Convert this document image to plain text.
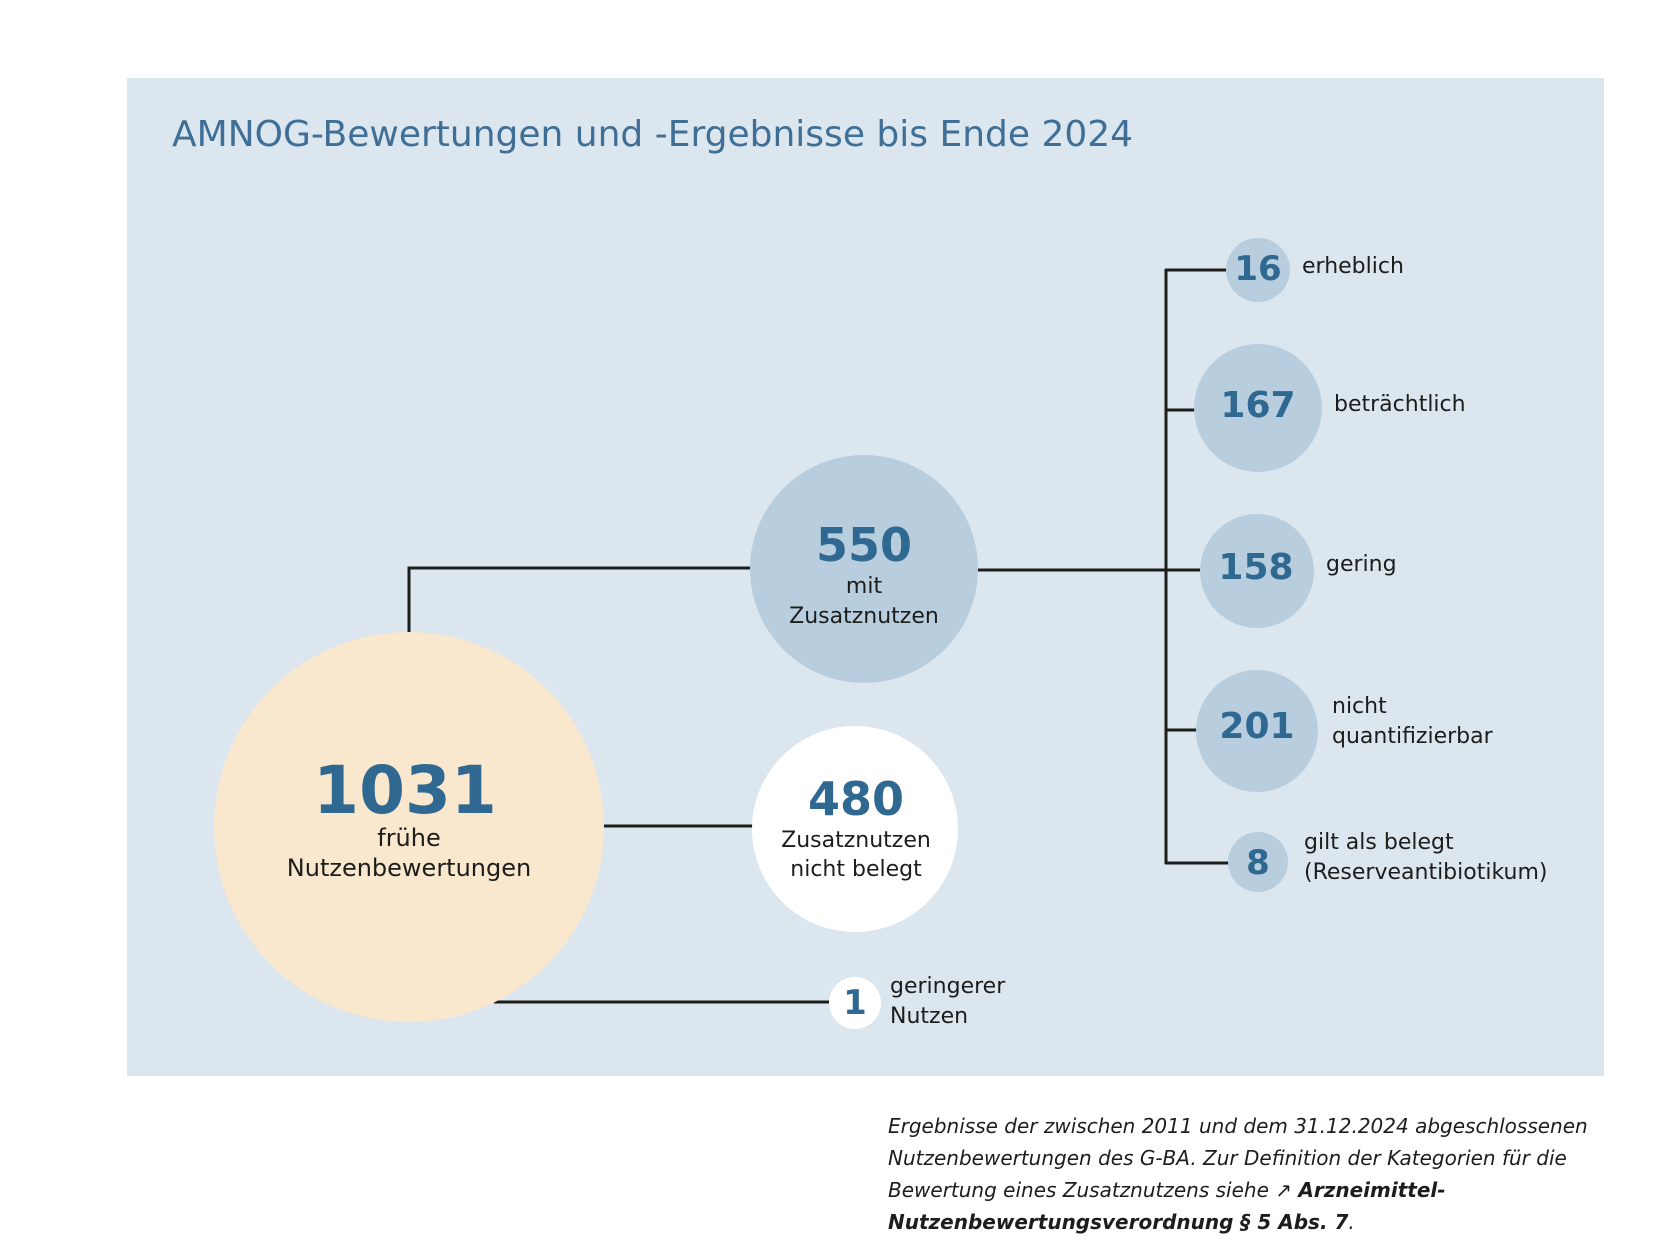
AMNOG-Bewertungen und -Ergebnisse bis Ende 2024
1031
frühe
Nutzenbewertungen
550
mit
Zusatznutzen
480
Zusatznutzen
nicht belegt
1 geringerer
Nutzen
16 erheblich
167 beträchtlich
158 gering
201 nicht
quantifizierbar
8
gilt als belegt
(Reserveantibiotikum)

Ergebnisse der zwischen 2011 und dem 31.12.2024 abgeschlossenen Nutzenbewertungen des G-BA. Zur Definition der Kategorien für die Bewertung eines Zusatznutzens siehe ↗ Arzneimittel-Nutzenbewertungsverordnung § 5 Abs. 7.
